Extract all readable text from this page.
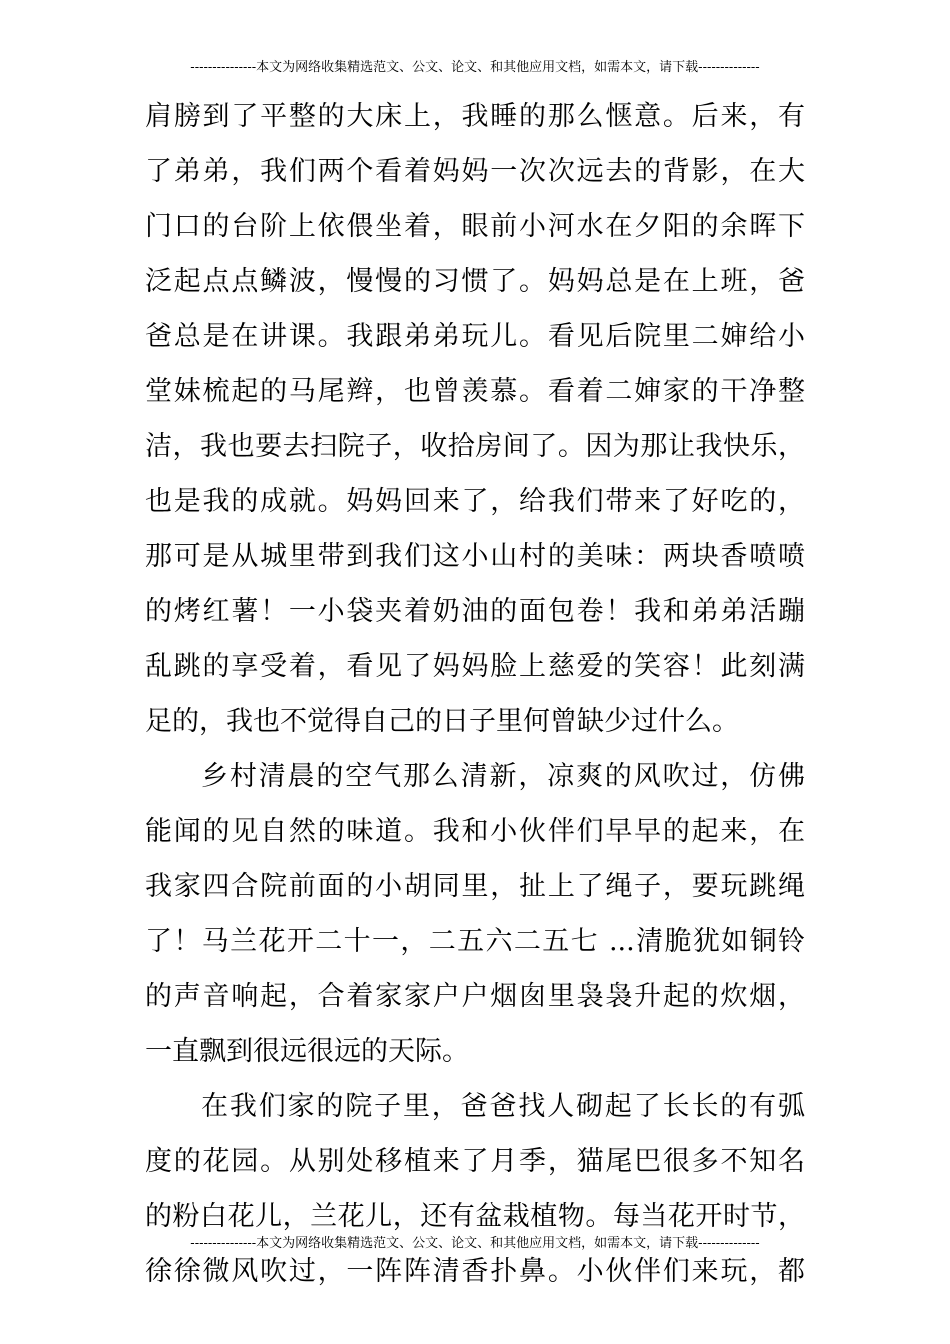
---------------本文为网络收集精选范文、公文、论文、和其他应用文档，如需本文，请下载--------------
肩膀到了平整的大床上，我睡的那么惬意。后来，有
了弟弟，我们两个看着妈妈一次次远去的背影，在大
门口的台阶上依偎坐着，眼前小河水在夕阳的余晖下
泛起点点鳞波，慢慢的习惯了。妈妈总是在上班，爸
爸总是在讲课。我跟弟弟玩儿。看见后院里二婶给小
堂妹梳起的马尾辫，也曾羡慕。看着二婶家的干净整
洁，我也要去扫院子，收拾房间了。因为那让我快乐，
也是我的成就。妈妈回来了，给我们带来了好吃的，
那可是从城里带到我们这小山村的美味：两块香喷喷
的烤红薯！一小袋夹着奶油的面包卷！我和弟弟活蹦
乱跳的享受着，看见了妈妈脸上慈爱的笑容！此刻满
足的，我也不觉得自己的日子里何曾缺少过什么。
乡村清晨的空气那么清新，凉爽的风吹过，仿佛
能闻的见自然的味道。我和小伙伴们早早的起来，在
我家四合院前面的小胡同里，扯上了绳子，要玩跳绳
了！马兰花开二十一，二五六二五七 ...清脆犹如铜铃
的声音响起，合着家家户户烟囱里袅袅升起的炊烟，
一直飘到很远很远的天际。
在我们家的院子里，爸爸找人砌起了长长的有弧
度的花园。从别处移植来了月季，猫尾巴很多不知名
的粉白花儿，兰花儿，还有盆栽植物。每当花开时节，
徐徐微风吹过，一阵阵清香扑鼻。小伙伴们来玩，都
---------------本文为网络收集精选范文、公文、论文、和其他应用文档，如需本文，请下载--------------
